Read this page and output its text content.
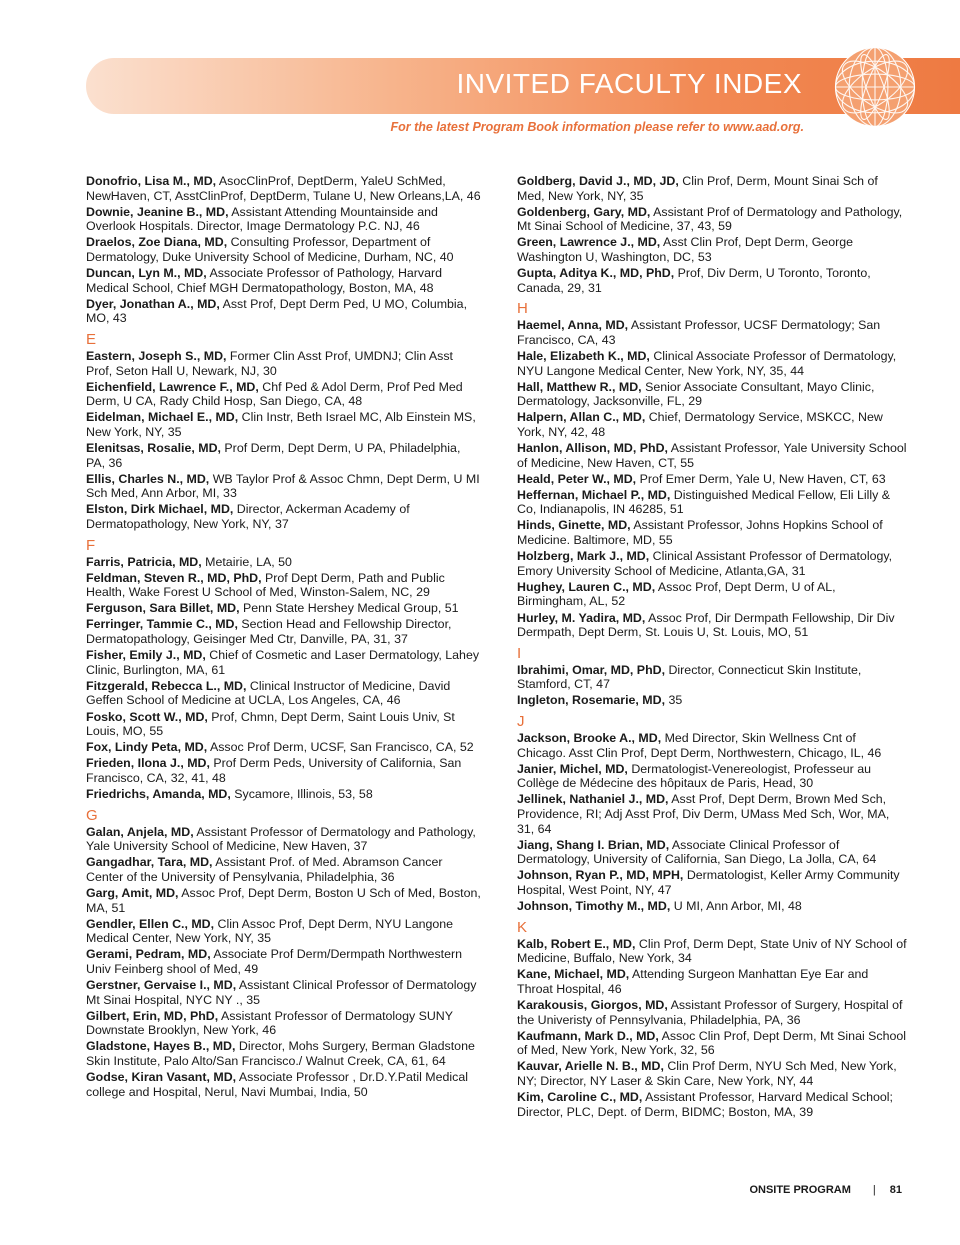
INVITED FACULTY INDEX
For the latest Program Book information please refer to www.aad.org.
Donofrio, Lisa M., MD, AsocClinProf, DeptDerm, YaleU SchMed, NewHaven, CT, AsstClinProf, DeptDerm, Tulane U, New Orleans,LA, 46
Downie, Jeanine B., MD, Assistant Attending Mountainside and Overlook Hospitals. Director, Image Dermatology P.C. NJ, 46
Draelos, Zoe Diana, MD, Consulting Professor, Department of Dermatology, Duke University School of Medicine, Durham, NC, 40
Duncan, Lyn M., MD, Associate Professor of Pathology, Harvard Medical School, Chief MGH Dermatopathology, Boston, MA, 48
Dyer, Jonathan A., MD, Asst Prof, Dept Derm Ped, U MO, Columbia, MO, 43
E
Eastern, Joseph S., MD, Former Clin Asst Prof, UMDNJ; Clin Asst Prof, Seton Hall U, Newark, NJ, 30
Eichenfield, Lawrence F., MD, Chf Ped & Adol Derm, Prof Ped Med Derm, U CA, Rady Child Hosp, San Diego, CA, 48
Eidelman, Michael E., MD, Clin Instr, Beth Israel MC, Alb Einstein MS, New York, NY, 35
Elenitsas, Rosalie, MD, Prof Derm, Dept Derm, U PA, Philadelphia, PA, 36
Ellis, Charles N., MD, WB Taylor Prof & Assoc Chmn, Dept Derm, U MI Sch Med, Ann Arbor, MI, 33
Elston, Dirk Michael, MD, Director, Ackerman Academy of Dermatopathology, New York, NY, 37
F
Farris, Patricia, MD, Metairie, LA, 50
Feldman, Steven R., MD, PhD, Prof Dept Derm, Path and Public Health, Wake Forest U School of Med, Winston-Salem, NC, 29
Ferguson, Sara Billet, MD, Penn State Hershey Medical Group, 51
Ferringer, Tammie C., MD, Section Head and Fellowship Director, Dermatopathology, Geisinger Med Ctr, Danville, PA, 31, 37
Fisher, Emily J., MD, Chief of Cosmetic and Laser Dermatology, Lahey Clinic, Burlington, MA, 61
Fitzgerald, Rebecca L., MD, Clinical Instructor of Medicine, David Geffen School of Medicine at UCLA, Los Angeles, CA, 46
Fosko, Scott W., MD, Prof, Chmn, Dept Derm, Saint Louis Univ, St Louis, MO, 55
Fox, Lindy Peta, MD, Assoc Prof Derm, UCSF, San Francisco, CA, 52
Frieden, Ilona J., MD, Prof Derm Peds, University of California, San Francisco, CA, 32, 41, 48
Friedrichs, Amanda, MD, Sycamore, Illinois, 53, 58
G
Galan, Anjela, MD, Assistant Professor of Dermatology and Pathology, Yale University School of Medicine, New Haven, 37
Gangadhar, Tara, MD, Assistant Prof. of Med. Abramson Cancer Center of the University of Pensylvania, Philadelphia, 36
Garg, Amit, MD, Assoc Prof, Dept Derm, Boston U Sch of Med, Boston, MA, 51
Gendler, Ellen C., MD, Clin Assoc Prof, Dept Derm, NYU Langone Medical Center, New York, NY, 35
Gerami, Pedram, MD, Associate Prof Derm/Dermpath Northwestern Univ Feinberg shool of Med, 49
Gerstner, Gervaise I., MD, Assistant Clinical Professor of Dermatology Mt Sinai Hospital, NYC NY ., 35
Gilbert, Erin, MD, PhD, Assistant Professor of Dermatology SUNY Downstate Brooklyn, New York, 46
Gladstone, Hayes B., MD, Director, Mohs Surgery, Berman Gladstone Skin Institute, Palo Alto/San Francisco./ Walnut Creek, CA, 61, 64
Godse, Kiran Vasant, MD, Associate Professor , Dr.D.Y.Patil Medical college and Hospital, Nerul, Navi Mumbai, India, 50
Goldberg, David J., MD, JD, Clin Prof, Derm, Mount Sinai Sch of Med, New York, NY, 35
Goldenberg, Gary, MD, Assistant Prof of Dermatology and Pathology, Mt Sinai School of Medicine, 37, 43, 59
Green, Lawrence J., MD, Asst Clin Prof, Dept Derm, George Washington U, Washington, DC, 53
Gupta, Aditya K., MD, PhD, Prof, Div Derm, U Toronto, Toronto, Canada, 29, 31
H
Haemel, Anna, MD, Assistant Professor, UCSF Dermatology; San Francisco, CA, 43
Hale, Elizabeth K., MD, Clinical Associate Professor of Dermatology, NYU Langone Medical Center, New York, NY, 35, 44
Hall, Matthew R., MD, Senior Associate Consultant, Mayo Clinic, Dermatology, Jacksonville, FL, 29
Halpern, Allan C., MD, Chief, Dermatology Service, MSKCC, New York, NY, 42, 48
Hanlon, Allison, MD, PhD, Assistant Professor, Yale University School of Medicine, New Haven, CT, 55
Heald, Peter W., MD, Prof Emer Derm, Yale U, New Haven, CT, 63
Heffernan, Michael P., MD, Distinguished Medical Fellow, Eli Lilly & Co, Indianapolis, IN 46285, 51
Hinds, Ginette, MD, Assistant Professor, Johns Hopkins School of Medicine. Baltimore, MD, 55
Holzberg, Mark J., MD, Clinical Assistant Professor of Dermatology, Emory University School of Medicine, Atlanta,GA, 31
Hughey, Lauren C., MD, Assoc Prof, Dept Derm, U of AL, Birmingham, AL, 52
Hurley, M. Yadira, MD, Assoc Prof, Dir Dermpath Fellowship, Dir Div Dermpath, Dept Derm, St. Louis U, St. Louis, MO, 51
I
Ibrahimi, Omar, MD, PhD, Director, Connecticut Skin Institute, Stamford, CT, 47
Ingleton, Rosemarie, MD, 35
J
Jackson, Brooke A., MD, Med Director, Skin Wellness Cnt of Chicago. Asst Clin Prof, Dept Derm, Northwestern, Chicago, IL, 46
Janier, Michel, MD, Dermatologist-Venereologist, Professeur au Collège de Médecine des hôpitaux de Paris, Head, 30
Jellinek, Nathaniel J., MD, Asst Prof, Dept Derm, Brown Med Sch, Providence, RI; Adj Asst Prof, Div Derm, UMass Med Sch, Wor, MA, 31, 64
Jiang, Shang I. Brian, MD, Associate Clinical Professor of Dermatology, University of California, San Diego, La Jolla, CA, 64
Johnson, Ryan P., MD, MPH, Dermatologist, Keller Army Community Hospital, West Point, NY, 47
Johnson, Timothy M., MD, U MI, Ann Arbor, MI, 48
K
Kalb, Robert E., MD, Clin Prof, Derm Dept, State Univ of NY School of Medicine, Buffalo, New York, 34
Kane, Michael, MD, Attending Surgeon Manhattan Eye Ear and Throat Hospital, 46
Karakousis, Giorgos, MD, Assistant Professor of Surgery, Hospital of the Univeristy of Pennsylvania, Philadelphia, PA, 36
Kaufmann, Mark D., MD, Assoc Clin Prof, Dept Derm, Mt Sinai School of Med, New York, New York, 32, 56
Kauvar, Arielle N. B., MD, Clin Prof Derm, NYU Sch Med, New York, NY; Director, NY Laser & Skin Care, New York, NY, 44
Kim, Caroline C., MD, Assistant Professor, Harvard Medical School; Director, PLC, Dept. of Derm, BIDMC; Boston, MA, 39
ONSITE PROGRAM | 81
